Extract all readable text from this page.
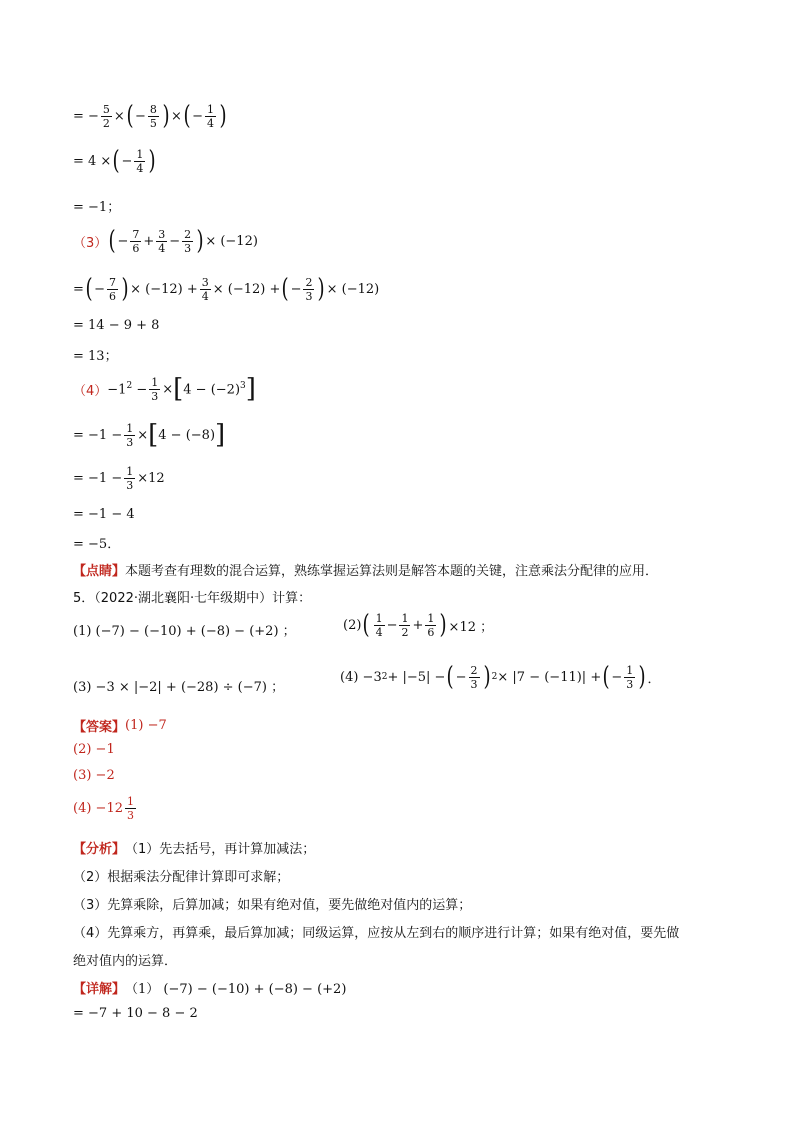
= − $\frac{5}{2}$ × ( − $\frac{8}{5}$ ) × ( − $\frac{1}{4}$ )
= 4 × ( − $\frac{1}{4}$ )
= −1；
（3） ( − $\frac{7}{6} + \frac{3}{4} - \frac{2}{3}$ ) × (−12)
= ( − $\frac{7}{6}$ ) × $(-12) + \frac{3}{4} \times (-12)$ + ( − $\frac{2}{3}$ ) × (−12)
= 14 − 9 + 8
= 13；
$(4) -1^2 - \frac{1}{3}$ × [ $4 - (-2)^3$ ]
= $-1 - \frac{1}{3}$ × [ 4 − (−8) ]
= $-1 - \frac{1}{3} \times 12$
= −1 − 4
= −5．
【点睛】 本题考查有理数的混合运算，熟练掌握运算法则是解答本题的关键，注意乘法分配律的应用．
5．（2022·湖北襄阳·七年级期中）计算：
(1) (−7) − (−10) + (−8) − (+2) ；	(2) ( $\frac{1}{4} - \frac{1}{2} + \frac{1}{6}$ ) ×12 ；
(3) −3 × |−2| + (−28) ÷ (−7) ；
(4) −3 2 + |−5| − ( − $\frac{2}{3}$ ) 2 × |7 − (−11)| + ( − $\frac{1}{3}$ ) ．
【答案】 (1) −7
(2) −1
(3) −2
$(4) -12 \frac{1}{3}$
【分析】 （1）先去括号，再计算加减法；
（2）根据乘法分配律计算即可求解；
（3）先算乘除，后算加减；如果有绝对值，要先做绝对值内的运算；
（4）先算乘方，再算乘，最后算加减；同级运算，应按从左到右的顺序进行计算；如果有绝对值，要先做
绝对值内的运算．
【详解】 （1） (−7) − (−10) + (−8) − (+2)
= −7 + 10 − 8 − 2
